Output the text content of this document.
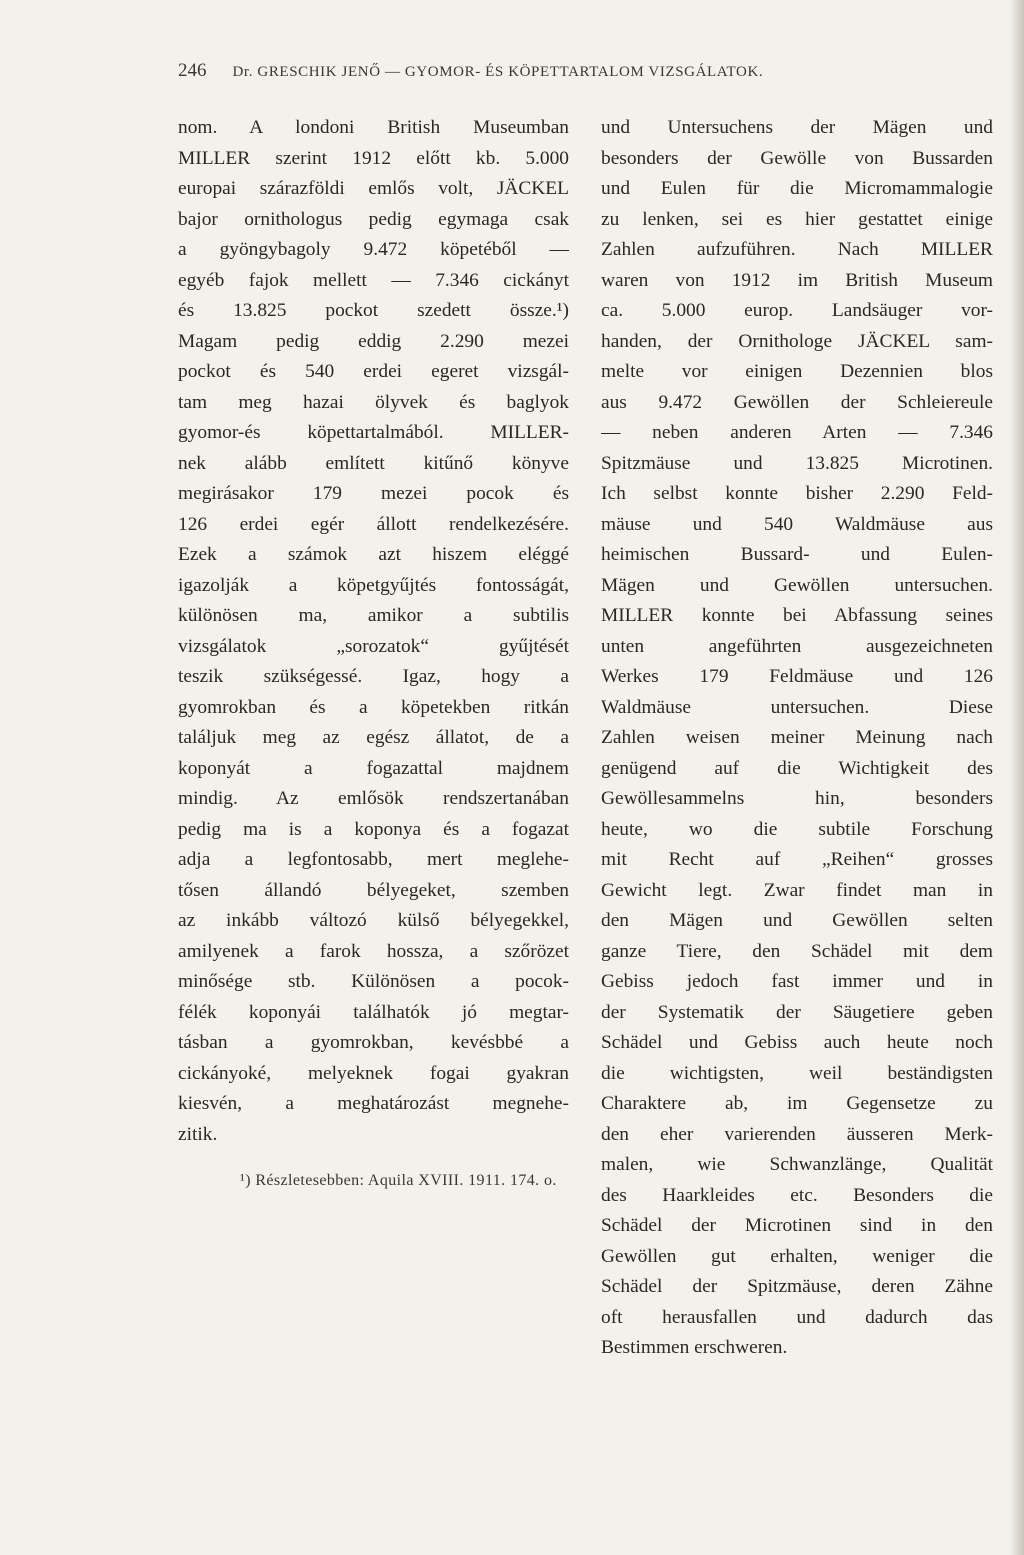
246 Dr. GRESCHIK JENŐ — GYOMOR- ÉS KÖPETTARTALOM VIZSGÁLATOK.
nom. A londoni British Museumban
MILLER szerint 1912 előtt kb. 5.000
europai szárazföldi emlős volt, JÄCKEL
bajor ornithologus pedig egymaga csak
a gyöngybagoly 9.472 köpetéből —
egyéb fajok mellett — 7.346 cickányt
és 13.825 pockot szedett össze.¹)
Magam pedig eddig 2.290 mezei
pockot és 540 erdei egeret vizsgál-
tam meg hazai ölyvek és baglyok
gyomor-és köpettartalmából. MILLER-
nek alább említett kitűnő könyve
megirásakor 179 mezei pocok és
126 erdei egér állott rendelkezésére.
Ezek a számok azt hiszem eléggé
igazolják a köpetgyűjtés fontosságát,
különösen ma, amikor a subtilis
vizsgálatok „sorozatok“ gyűjtését
teszik szükségessé. Igaz, hogy a
gyomrokban és a köpetekben ritkán
találjuk meg az egész állatot, de a
koponyát a fogazattal majdnem
mindig. Az emlősök rendszertanában
pedig ma is a koponya és a fogazat
adja a legfontosabb, mert meglehe-
tősen állandó bélyegeket, szemben
az inkább változó külső bélyegekkel,
amilyenek a farok hossza, a szőrözet
minősége stb. Különösen a pocok-
félék koponyái találhatók jó megtar-
tásban a gyomrokban, kevésbbé a
cickányoké, melyeknek fogai gyakran
kiesvén, a meghatározást megnehe-
zitik.
und Untersuchens der Mägen und
besonders der Gewölle von Bussarden
und Eulen für die Micromammalogie
zu lenken, sei es hier gestattet einige
Zahlen aufzuführen. Nach MILLER
waren von 1912 im British Museum
ca. 5.000 europ. Landsäuger vor-
handen, der Ornithologe JÄCKEL sam-
melte vor einigen Dezennien blos
aus 9.472 Gewöllen der Schleiereule
— neben anderen Arten — 7.346
Spitzmäuse und 13.825 Microtinen.
Ich selbst konnte bisher 2.290 Feld-
mäuse und 540 Waldmäuse aus
heimischen Bussard- und Eulen-
Mägen und Gewöllen untersuchen.
MILLER konnte bei Abfassung seines
unten angeführten ausgezeichneten
Werkes 179 Feldmäuse und 126
Waldmäuse untersuchen. Diese
Zahlen weisen meiner Meinung nach
genügend auf die Wichtigkeit des
Gewöllesammelns hin, besonders
heute, wo die subtile Forschung
mit Recht auf „Reihen“ grosses
Gewicht legt. Zwar findet man in
den Mägen und Gewöllen selten
ganze Tiere, den Schädel mit dem
Gebiss jedoch fast immer und in
der Systematik der Säugetiere geben
Schädel und Gebiss auch heute noch
die wichtigsten, weil beständigsten
Charaktere ab, im Gegensetze zu
den eher varierenden äusseren Merk-
malen, wie Schwanzlänge, Qualität
des Haarkleides etc. Besonders die
Schädel der Microtinen sind in den
Gewöllen gut erhalten, weniger die
Schädel der Spitzmäuse, deren Zähne
oft herausfallen und dadurch das
Bestimmen erschweren.
¹) Részletesebben: Aquila XVIII. 1911. 174. o.
